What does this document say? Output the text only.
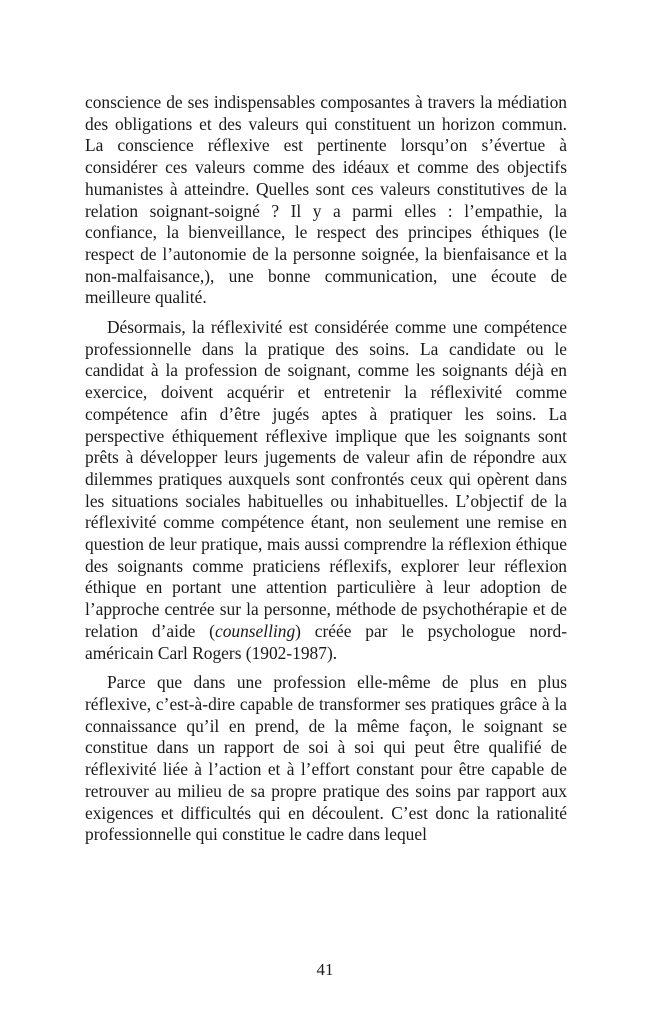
conscience de ses indispensables composantes à travers la médiation des obligations et des valeurs qui constituent un horizon commun. La conscience réflexive est pertinente lorsqu’on s’évertue à considérer ces valeurs comme des idéaux et comme des objectifs humanistes à atteindre. Quelles sont ces valeurs constitutives de la relation soignant-soigné ? Il y a parmi elles : l’empathie, la confiance, la bienveillance, le respect des principes éthiques (le respect de l’autonomie de la personne soignée, la bienfaisance et la non-malfaisance,), une bonne communication, une écoute de meilleure qualité.

Désormais, la réflexivité est considérée comme une compétence professionnelle dans la pratique des soins. La candidate ou le candidat à la profession de soignant, comme les soignants déjà en exercice, doivent acquérir et entretenir la réflexivité comme compétence afin d’être jugés aptes à pratiquer les soins. La perspective éthiquement réflexive implique que les soignants sont prêts à développer leurs jugements de valeur afin de répondre aux dilemmes pratiques auxquels sont confrontés ceux qui opèrent dans les situations sociales habituelles ou inhabituelles. L’objectif de la réflexivité comme compétence étant, non seulement une remise en question de leur pratique, mais aussi comprendre la réflexion éthique des soignants comme praticiens réflexifs, explorer leur réflexion éthique en portant une attention particulière à leur adoption de l’approche centrée sur la personne, méthode de psychothérapie et de relation d’aide (counselling) créée par le psychologue nord-américain Carl Rogers (1902-1987).

Parce que dans une profession elle-même de plus en plus réflexive, c’est-à-dire capable de transformer ses pratiques grâce à la connaissance qu’il en prend, de la même façon, le soignant se constitue dans un rapport de soi à soi qui peut être qualifié de réflexivité liée à l’action et à l’effort constant pour être capable de retrouver au milieu de sa propre pratique des soins par rapport aux exigences et difficultés qui en découlent. C’est donc la rationalité professionnelle qui constitue le cadre dans lequel

41
